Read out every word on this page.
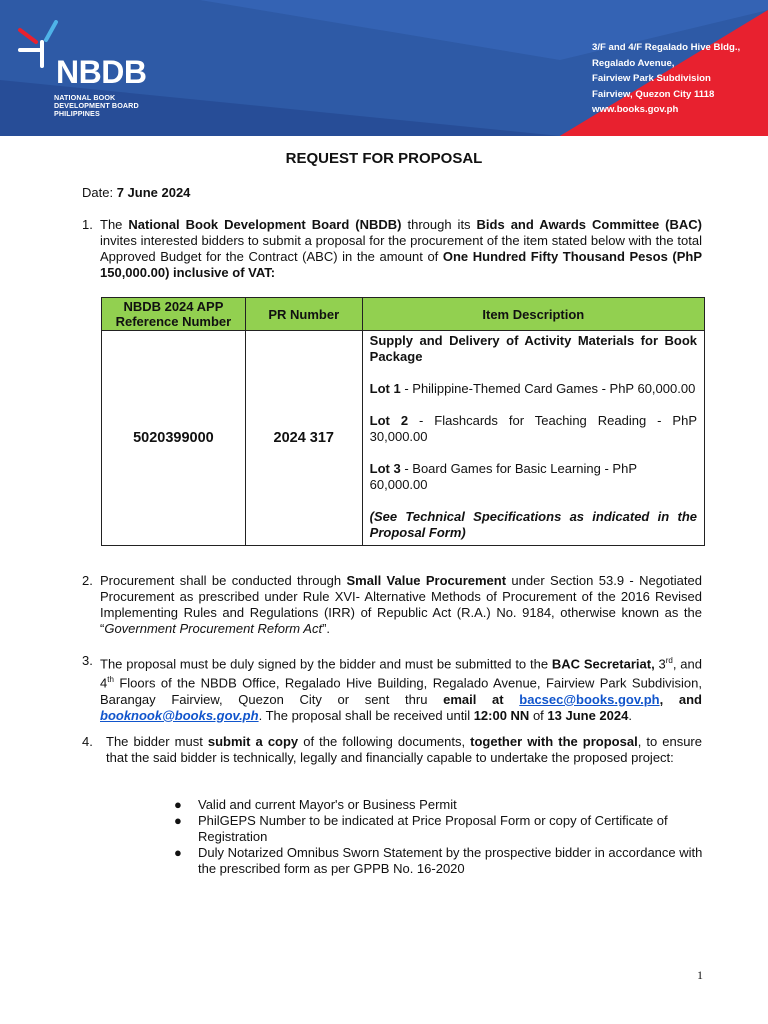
NBDB
NATIONAL BOOK
DEVELOPMENT BOARD
PHILIPPINES
3/F and 4/F Regalado Hive Bldg.,
Regalado Avenue,
Fairview Park Subdivision
Fairview, Quezon City 1118
www.books.gov.ph
REQUEST FOR PROPOSAL
Date: 7 June 2024
1. The National Book Development Board (NBDB) through its Bids and Awards Committee (BAC) invites interested bidders to submit a proposal for the procurement of the item stated below with the total Approved Budget for the Contract (ABC) in the amount of One Hundred Fifty Thousand Pesos (PhP 150,000.00) inclusive of VAT:
NBDB 2024 APP Reference Number	PR Number	Item Description
5020399000	2024 317	Supply and Delivery of Activity Materials for Book Package
Lot 1 - Philippine-Themed Card Games - PhP 60,000.00
Lot 2 - Flashcards for Teaching Reading - PhP 30,000.00
Lot 3 - Board Games for Basic Learning - PhP 60,000.00
(See Technical Specifications as indicated in the Proposal Form)
2. Procurement shall be conducted through Small Value Procurement under Section 53.9 - Negotiated Procurement as prescribed under Rule XVI- Alternative Methods of Procurement of the 2016 Revised Implementing Rules and Regulations (IRR) of Republic Act (R.A.) No. 9184, otherwise known as the “Government Procurement Reform Act”.
3. The proposal must be duly signed by the bidder and must be submitted to the BAC Secretariat, 3rd, and 4th Floors of the NBDB Office, Regalado Hive Building, Regalado Avenue, Fairview Park Subdivision, Barangay Fairview, Quezon City or sent thru email at bacsec@books.gov.ph, and booknook@books.gov.ph. The proposal shall be received until 12:00 NN of 13 June 2024.
4. The bidder must submit a copy of the following documents, together with the proposal, to ensure that the said bidder is technically, legally and financially capable to undertake the proposed project:
● Valid and current Mayor's or Business Permit
● PhilGEPS Number to be indicated at Price Proposal Form or copy of Certificate of Registration
● Duly Notarized Omnibus Sworn Statement by the prospective bidder in accordance with the prescribed form as per GPPB No. 16-2020
1
